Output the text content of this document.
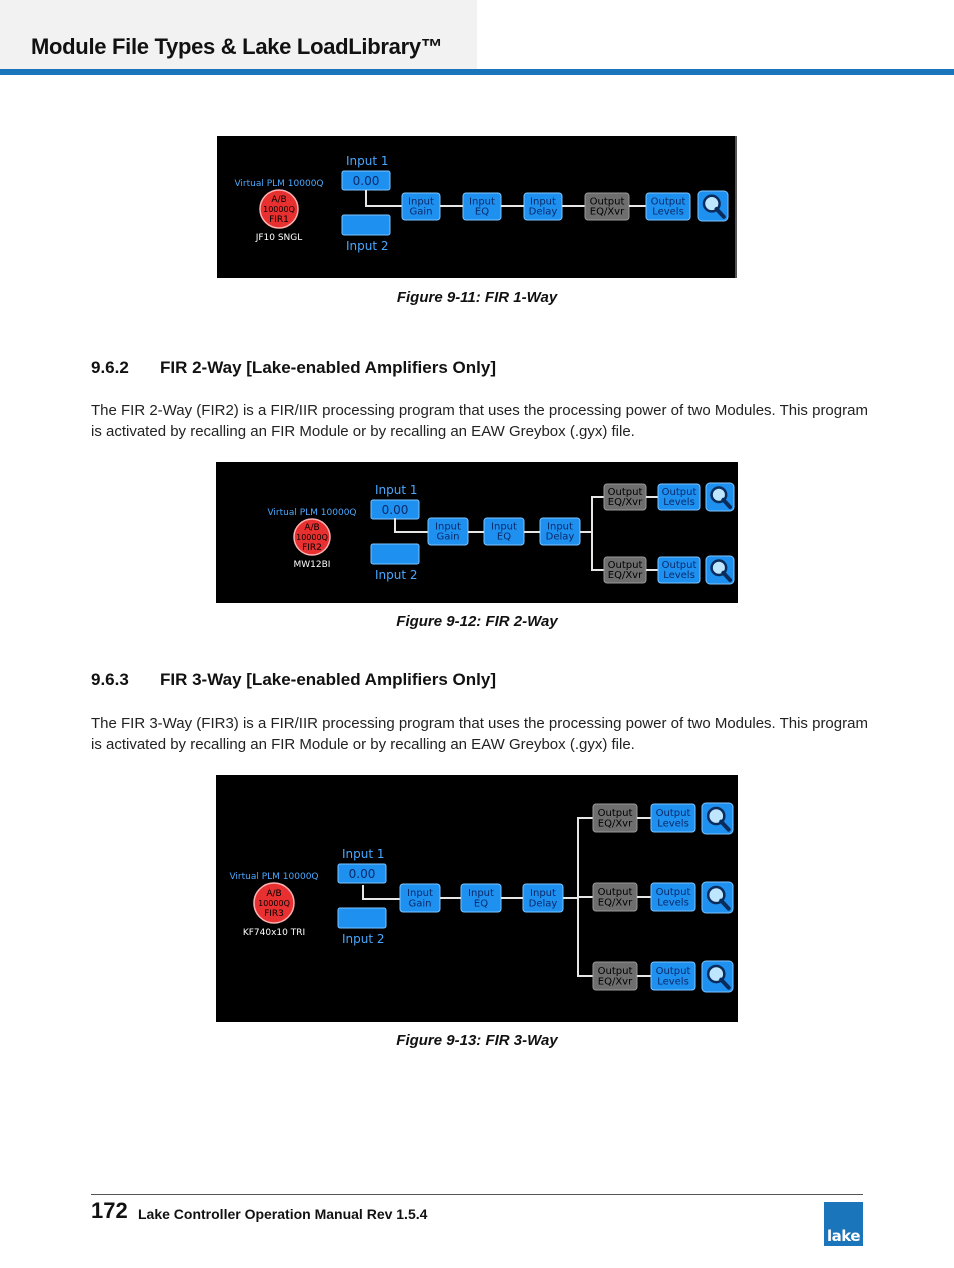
Module File Types & Lake LoadLibrary™
Virtual PLM 10000Q
A/B
10000Q
FIR1
JF10 SNGL
Input 1
0.00
Input 2
Input
Gain
Input
EQ
Input
Delay
Output
EQ/Xvr
Output
Levels
Figure 9-11: FIR 1-Way
9.6.2 FIR 2-Way [Lake-enabled Amplifiers Only]
The FIR 2-Way (FIR2) is a FIR/IIR processing program that uses the processing power of two Modules. This program is activated by recalling an FIR Module or by recalling an EAW Greybox (.gyx) file.
Virtual PLM 10000Q
A/B
10000Q
FIR2
MW12BI
Input 1
0.00
Input 2
Input
Gain
Input
EQ
Input
Delay
Output
EQ/Xvr
Output
Levels
Output
EQ/Xvr
Output
Levels
Figure 9-12: FIR 2-Way
9.6.3 FIR 3-Way [Lake-enabled Amplifiers Only]
The FIR 3-Way (FIR3) is a FIR/IIR processing program that uses the processing power of two Modules. This program is activated by recalling an FIR Module or by recalling an EAW Greybox (.gyx) file.
Virtual PLM 10000Q
A/B
10000Q
FIR3
KF740x10 TRI
Input 1
0.00
Input 2
Input
Gain
Input
EQ
Input
Delay
Output
EQ/Xvr
Output
Levels
Output
EQ/Xvr
Output
Levels
Output
EQ/Xvr
Output
Levels
Figure 9-13: FIR 3-Way
172 Lake Controller Operation Manual Rev 1.5.4
lake
